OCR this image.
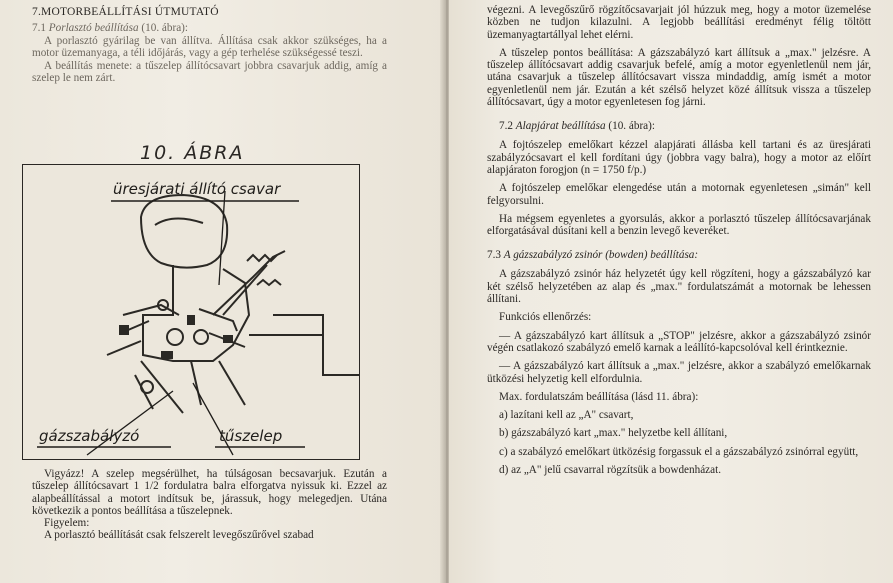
7.MOTORBEÁLLÍTÁSI ÚTMUTATÓ

7.1 Porlasztó beállítása (10. ábra):

A porlasztó gyárilag be van állítva. Állítása csak akkor szükséges, ha a motor üzemanyaga, a téli időjárás, vagy a gép terhelése szükségessé teszi.

A beállítás menete: a tűszelep állítócsavart jobbra csavarjuk addig, amíg a szelep le nem zárt.

10. ÁBRA
üresjárati állító csavar
gázszabályzó	tűszelep

Vigyázz! A szelep megsérülhet, ha túlságosan becsavarjuk. Ezután a tűszelep állítócsavart 1 1/2 fordulatra balra elforgatva nyissuk ki. Ezzel az alapbeállítással a motort indítsuk be, járassuk, hogy melegedjen. Utána következik a pontos beállítása a tűszelepnek.

Figyelem:

A porlasztó beállítását csak felszerelt levegőszűrővel szabad

végezni. A levegőszűrő rögzítőcsavarjait jól húzzuk meg, hogy a motor üzemelése közben ne tudjon kilazulni. A legjobb beállítási eredményt félig töltött üzemanyagtartállyal lehet elérni.

A tűszelep pontos beállítása: A gázszabályzó kart állítsuk a „max." jelzésre. A tűszelep állítócsavart addig csavarjuk befelé, amíg a motor egyenletlenül nem jár, utána csavarjuk a tűszelep állítócsavart vissza mindaddig, amíg ismét a motor egyenletlenül nem jár. Ezután a két szélső helyzet közé állítsuk vissza a tűszelep állítócsavart, úgy a motor egyenletesen fog járni.

7.2 Alapjárat beállítása (10. ábra):

A fojtószelep emelőkart kézzel alapjárati állásba kell tartani és az üresjárati szabályzócsavart el kell fordítani úgy (jobbra vagy balra), hogy a motor az előírt alapjáraton forogjon (n = 1750 f/p.)

A fojtószelep emelőkar elengedése után a motornak egyenletesen „simán" kell felgyorsulni.

Ha mégsem egyenletes a gyorsulás, akkor a porlasztó tűszelep állítócsavarjának elforgatásával dúsítani kell a benzin levegő keveréket.

7.3 A gázszabályzó zsinór (bowden) beállítása:

A gázszabályzó zsinór ház helyzetét úgy kell rögzíteni, hogy a gázszabályzó kar két szélső helyzetében az alap és „max." fordulatszámát a motornak be lehessen állítani.

Funkciós ellenőrzés:

— A gázszabályzó kart állítsuk a „STOP" jelzésre, akkor a gázszabályzó zsinór végén csatlakozó szabályzó emelő karnak a leállító-kapcsolóval kell érintkeznie.

— A gázszabályzó kart állítsuk a „max." jelzésre, akkor a szabályzó emelőkarnak ütközési helyzetig kell elfordulnia.

Max. fordulatszám beállítása (lásd 11. ábra):

a) lazítani kell az „A" csavart,

b) gázszabályzó kart „max." helyzetbe kell állítani,

c) a szabályzó emelőkart ütközésig forgassuk el a gázszabályzó zsinórral együtt,

d) az „A" jelű csavarral rögzítsük a bowdenházat.
